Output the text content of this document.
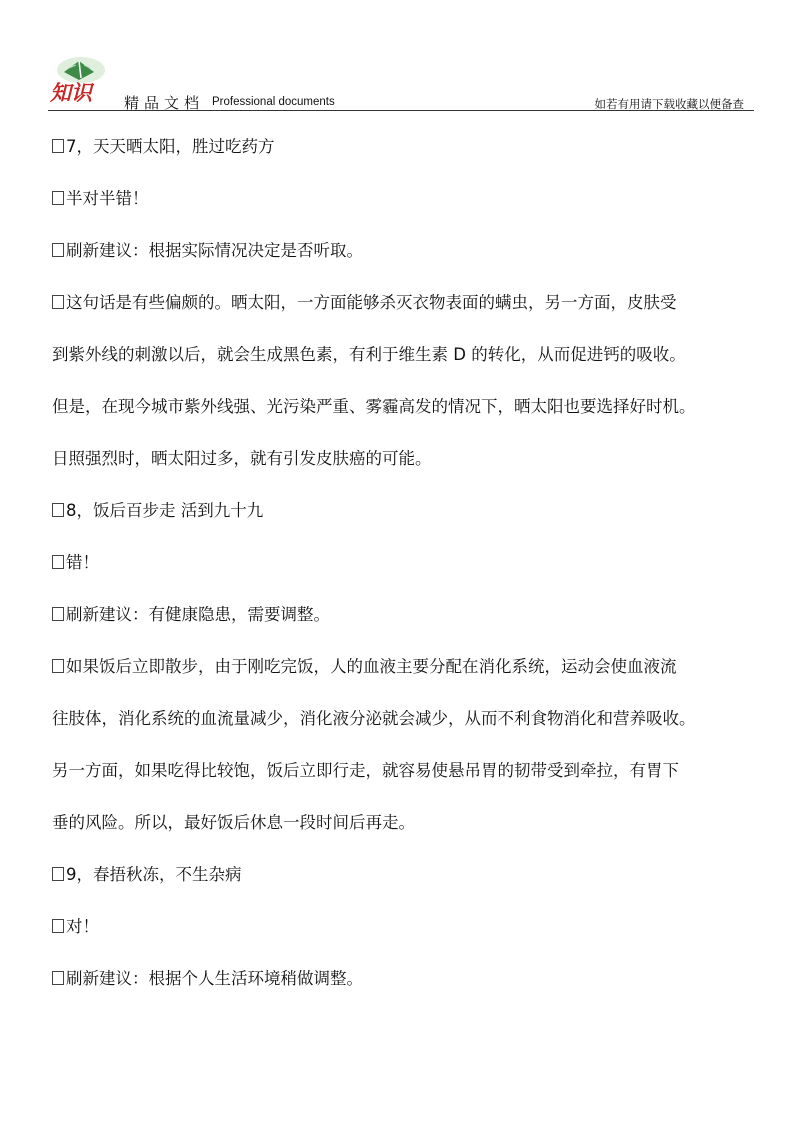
知识 精品文档 Professional documents	如若有用请下载收藏以便备查

7，天天晒太阳，胜过吃药方

半对半错！

刷新建议：根据实际情况决定是否听取。

这句话是有些偏颇的。晒太阳，一方面能够杀灭衣物表面的螨虫，另一方面，皮肤受
到紫外线的刺激以后，就会生成黑色素，有利于维生素 D 的转化，从而促进钙的吸收。
但是，在现今城市紫外线强、光污染严重、雾霾高发的情况下，晒太阳也要选择好时机。
日照强烈时，晒太阳过多，就有引发皮肤癌的可能。

8，饭后百步走 活到九十九

错！

刷新建议：有健康隐患，需要调整。

如果饭后立即散步，由于刚吃完饭，人的血液主要分配在消化系统，运动会使血液流
往肢体，消化系统的血流量减少，消化液分泌就会减少，从而不利食物消化和营养吸收。
另一方面，如果吃得比较饱，饭后立即行走，就容易使悬吊胃的韧带受到牵拉，有胃下
垂的风险。所以，最好饭后休息一段时间后再走。

9，春捂秋冻，不生杂病

对！

刷新建议：根据个人生活环境稍做调整。
